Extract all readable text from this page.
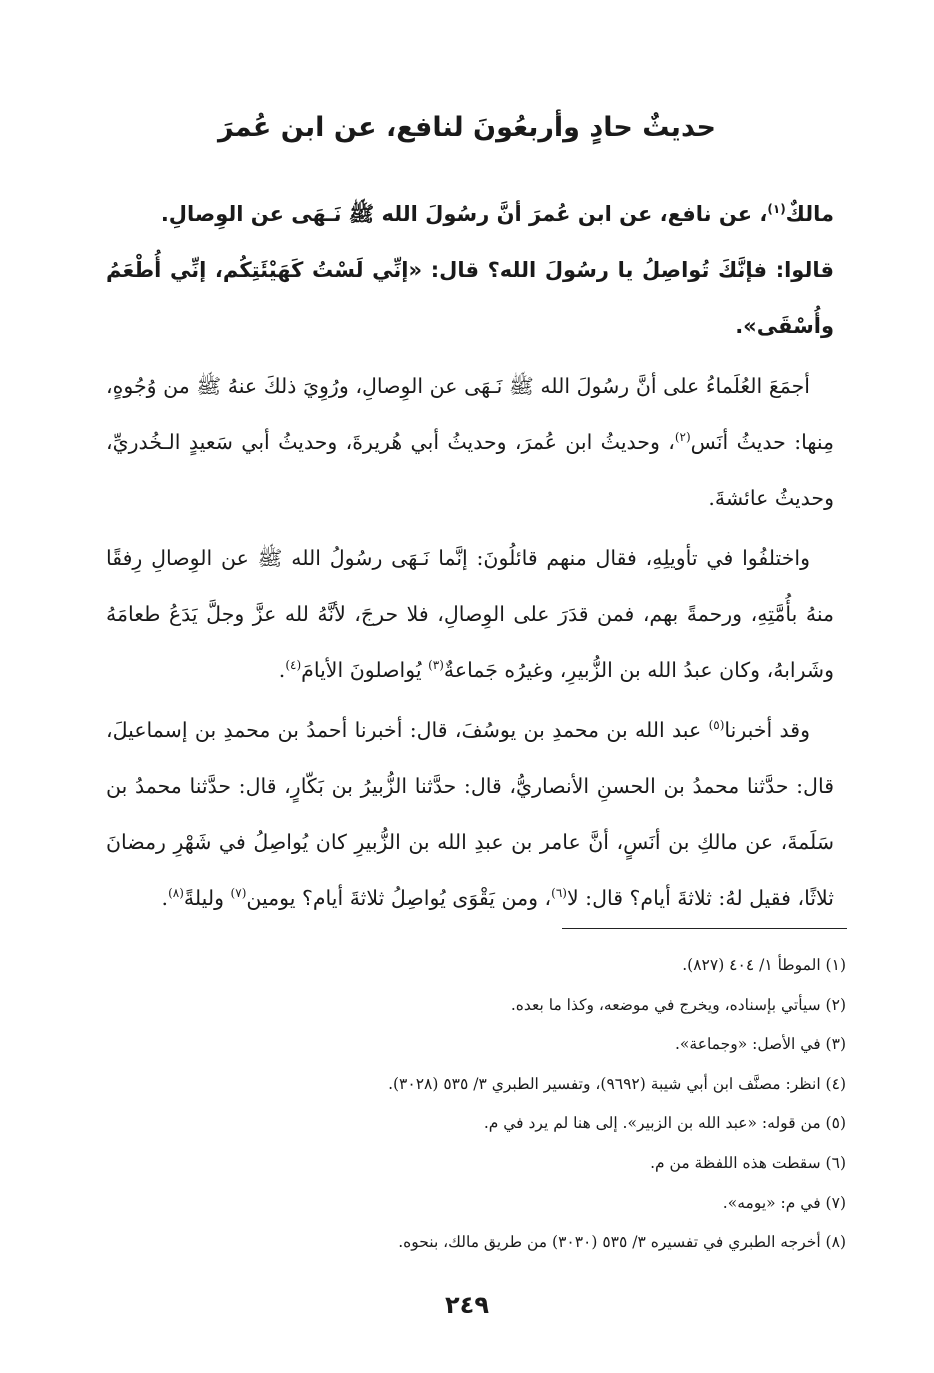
حديثٌ حادٍ وأربعُونَ لنافع، عن ابن عُمرَ

مالكٌ$^{(١)}$، عن نافع، عن ابن عُمرَ أنَّ رسُولَ الله ﷺ نَـهَى عن الوِصالِ.
قالوا: فإنَّكَ تُواصِلُ يا رسُولَ الله؟ قال: «إنِّي لَسْتُ كَهَيْئَتِكُم، إنِّي أُطْعَمُ وأُسْقَى».

أجمَعَ العُلَماءُ على أنَّ رسُولَ الله ﷺ نَـهَى عن الوِصالِ، ورُوِيَ ذلكَ عنهُ ﷺ من وُجُوهٍ، مِنها: حديثُ أنَس$^{(٢)}$، وحديثُ ابن عُمرَ، وحديثُ أبي هُريرةَ، وحديثُ أبي سَعيدٍ الـخُدريِّ، وحديثُ عائشةَ.

واختلفُوا في تأويلِهِ، فقال منهم قائلُونَ: إنَّما نَـهَى رسُولُ الله ﷺ عن الوِصالِ رِفقًا منهُ بأُمَّتِهِ، ورحمةً بهم، فمن قدَرَ على الوِصالِ، فلا حرجَ، لأنَّهُ لله عزَّ وجلَّ يَدَعُ طعامَهُ وشَرابهُ، وكان عبدُ الله بن الزُّبيرِ، وغيرُه جَماعةٌ$^{(٣)}$ يُواصلونَ الأيامَ$^{(٤)}$.

وقد أخبرنا$^{(٥)}$ عبد الله بن محمدِ بن يوسُفَ، قال: أخبرنا أحمدُ بن محمدِ بن إسماعيلَ، قال: حدَّثنا محمدُ بن الحسنِ الأنصاريُّ، قال: حدَّثنا الزُّبيرُ بن بَكّارٍ، قال: حدَّثنا محمدُ بن سَلَمةَ، عن مالكِ بن أنَسٍ، أنَّ عامر بن عبدِ الله بن الزُّبيرِ كان يُواصِلُ في شَهْرِ رمضانَ ثلاثًا، فقيل لهُ: ثلاثةَ أيام؟ قال: لا$^{(٦)}$، ومن يَقْوَى يُواصِلُ ثلاثةَ أيام؟ يومين$^{(٧)}$ وليلةً$^{(٨)}$.

(١) الموطأ ١/ ٤٠٤ (٨٢٧).
(٢) سيأتي بإسناده، ويخرج في موضعه، وكذا ما بعده.
(٣) في الأصل: «وجماعة».
(٤) انظر: مصنَّف ابن أبي شيبة (٩٦٩٢)، وتفسير الطبري ٣/ ٥٣٥ (٣٠٢٨).
(٥) من قوله: «عبد الله بن الزبير». إلى هنا لم يرد في م.
(٦) سقطت هذه اللفظة من م.
(٧) في م: «يومه».
(٨) أخرجه الطبري في تفسيره ٣/ ٥٣٥ (٣٠٣٠) من طريق مالك، بنحوه.
٢٤٩
